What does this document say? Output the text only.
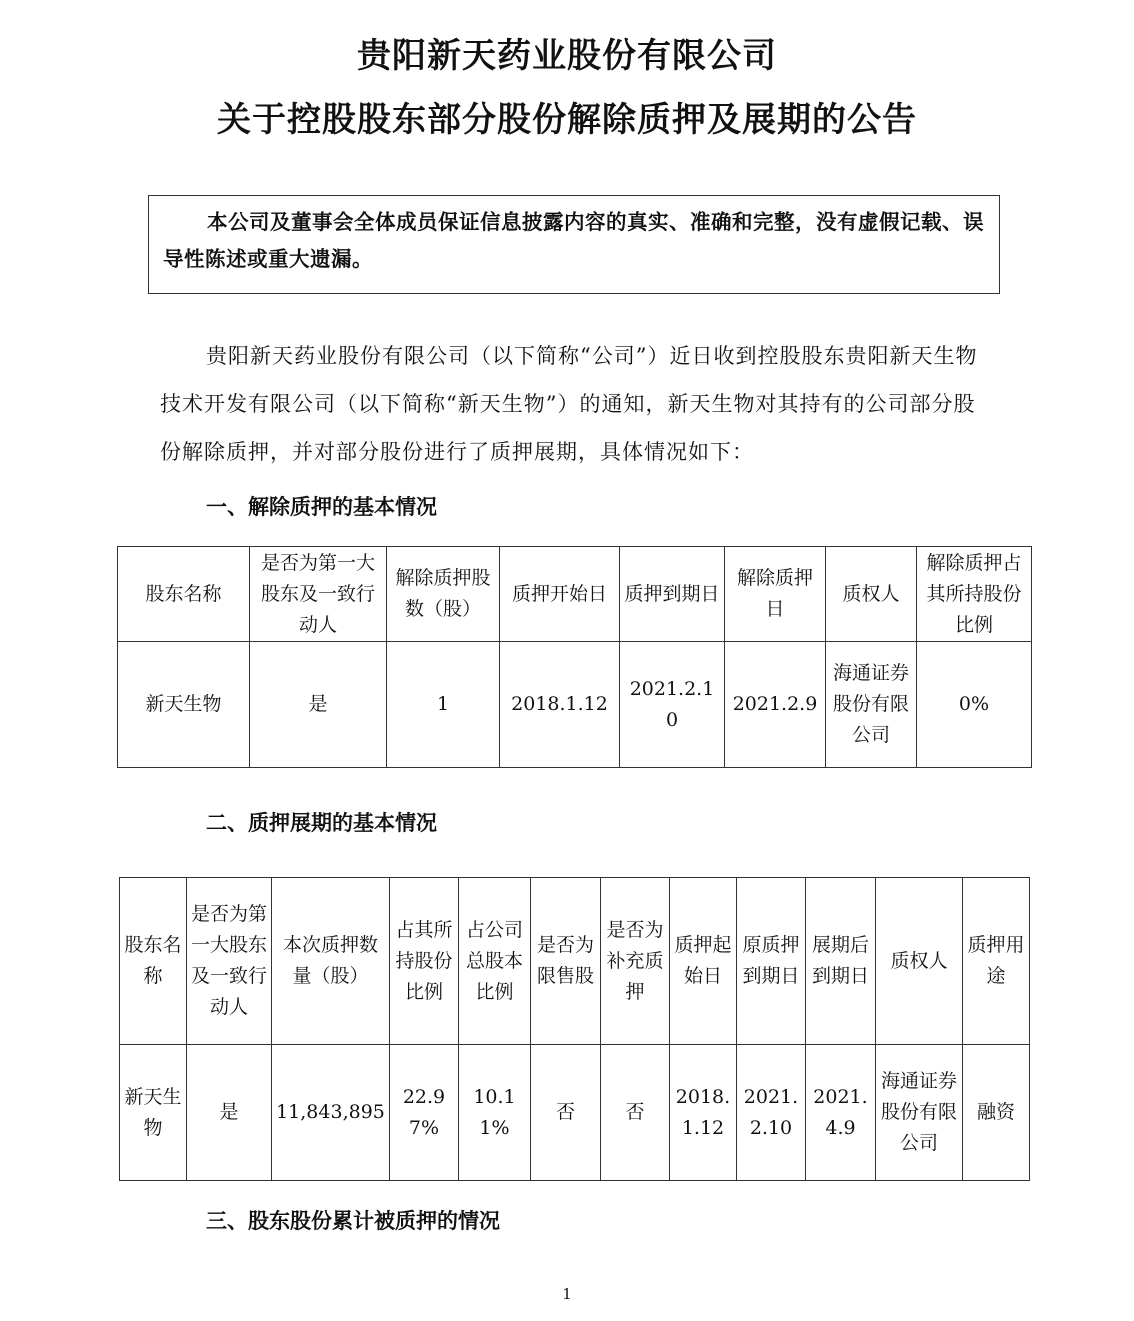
贵阳新天药业股份有限公司
关于控股股东部分股份解除质押及展期的公告
本公司及董事会全体成员保证信息披露内容的真实、准确和完整，没有虚假记载、误导性陈述或重大遗漏。
贵阳新天药业股份有限公司（以下简称“公司”）近日收到控股股东贵阳新天生物技术开发有限公司（以下简称“新天生物”）的通知，新天生物对其持有的公司部分股份解除质押，并对部分股份进行了质押展期，具体情况如下：
一、解除质押的基本情况
股东名称	是否为第一大股东及一致行动人	解除质押股数（股）	质押开始日	质押到期日	解除质押日	质权人	解除质押占其所持股份比例
新天生物	是	1	2018.1.12	2021.2.10	2021.2.9	海通证券股份有限公司	0%
二、质押展期的基本情况
股东名称	是否为第一大股东及一致行动人	本次质押数量（股）	占其所持股份比例	占公司总股本比例	是否为限售股	是否为补充质押	质押起始日	原质押到期日	展期后到期日	质权人	质押用途
新天生物	是	11,843,895	22.97%	10.11%	否	否	2018.1.12	2021.2.10	2021.4.9	海通证券股份有限公司	融资
三、股东股份累计被质押的情况
1
